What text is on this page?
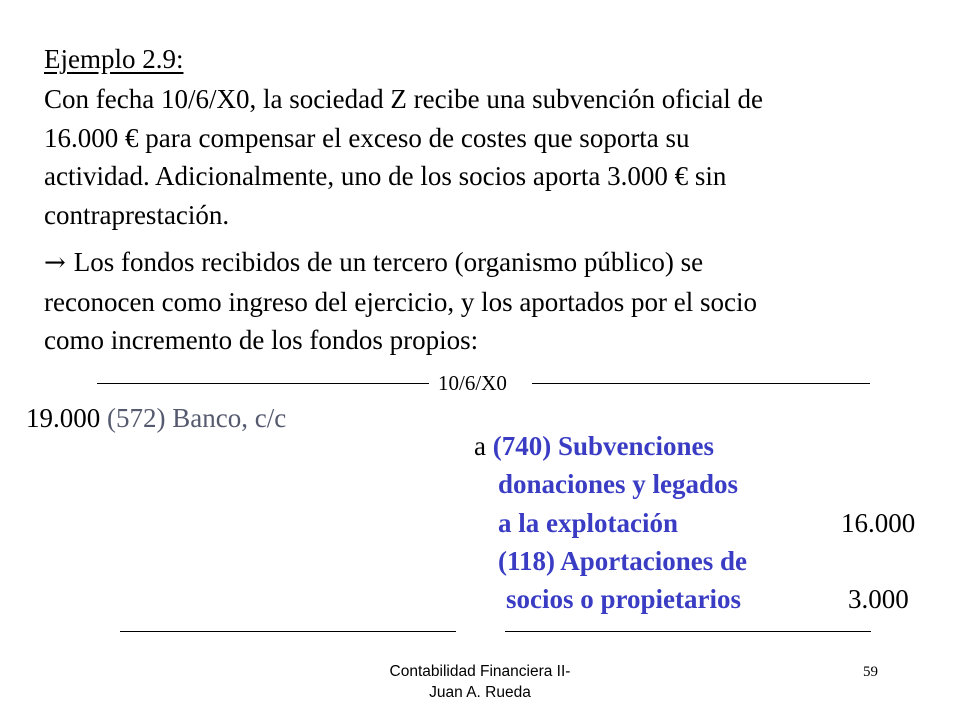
Ejemplo 2.9:
Con fecha 10/6/X0, la sociedad Z recibe una subvención oficial de
16.000 € para compensar el exceso de costes que soporta su
actividad. Adicionalmente, uno de los socios aporta 3.000 € sin
contraprestación.
→ Los fondos recibidos de un tercero (organismo público) se
reconocen como ingreso del ejercicio, y los aportados por el socio
como incremento de los fondos propios:
10/6/X0
19.000 (572) Banco, c/c
a (740) Subvenciones
donaciones y legados
a la explotación	16.000
(118) Aportaciones de
socios o propietarios	3.000
Contabilidad Financiera II-
Juan A. Rueda
59
